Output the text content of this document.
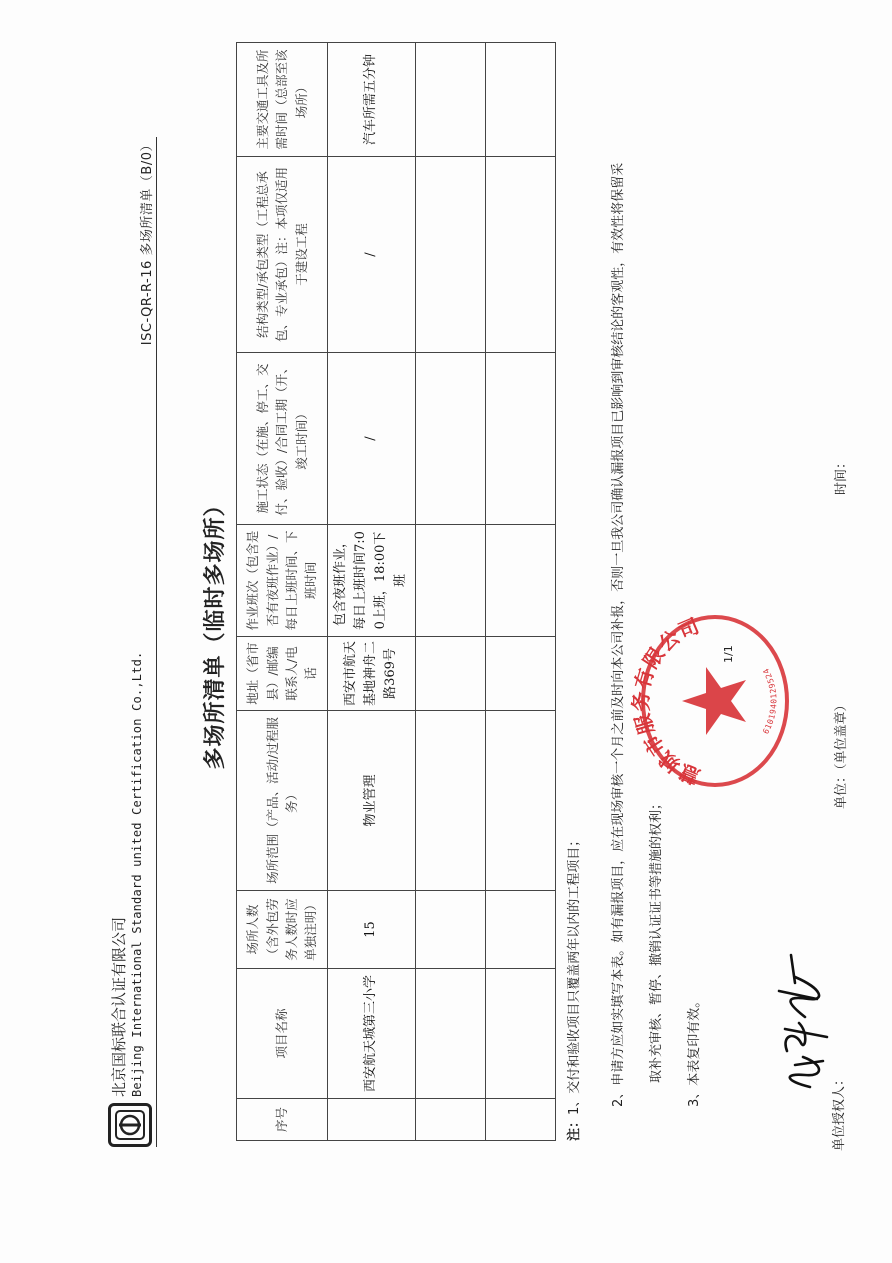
北京国标联合认证有限公司 Beijing International Standard united Certification Co.,Ltd.
ISC-QR-R-16 多场所清单（B/0）
多场所清单（临时多场所）
序号	项目名称	场所人数（含外包劳务人数时应单独注明）	场所范围（产品、活动/过程服务）	地址（省市县）/邮编联系人/电话	作业班次（包含是否有夜班作业）/每日上班时间、下班时间	施工状态（在施、停工、交付、验收）/合同工期（开、竣工时间）	结构类型/承包类型（工程总承包、专业承包）注：本项仅适用于建设工程	主要交通工具及所需时间（总部至该场所）
	西安航天城第三小学	15	物业管理	西安市航天基地神舟二路369号	包含夜班作业，每日上班时间7:00上班，18:00下班	/	/	汽车所需五分钟

注：1、交付和验收项目只覆盖两年以内的工程项目；	2、申请方应如实填写本表。如有漏报项目，应在现场审核一个月之前及时向本公司补报，否则一旦我公司确认漏报项目已影响到审核结论的客观性，有效性将保留采	取补充审核、暂停、撤销认证证书等措施的权利；	3、本表复印有效。
单位授权人：
单位：（单位盖章）
时间：
慧城市服务有限公司
6101940129524
1/1
